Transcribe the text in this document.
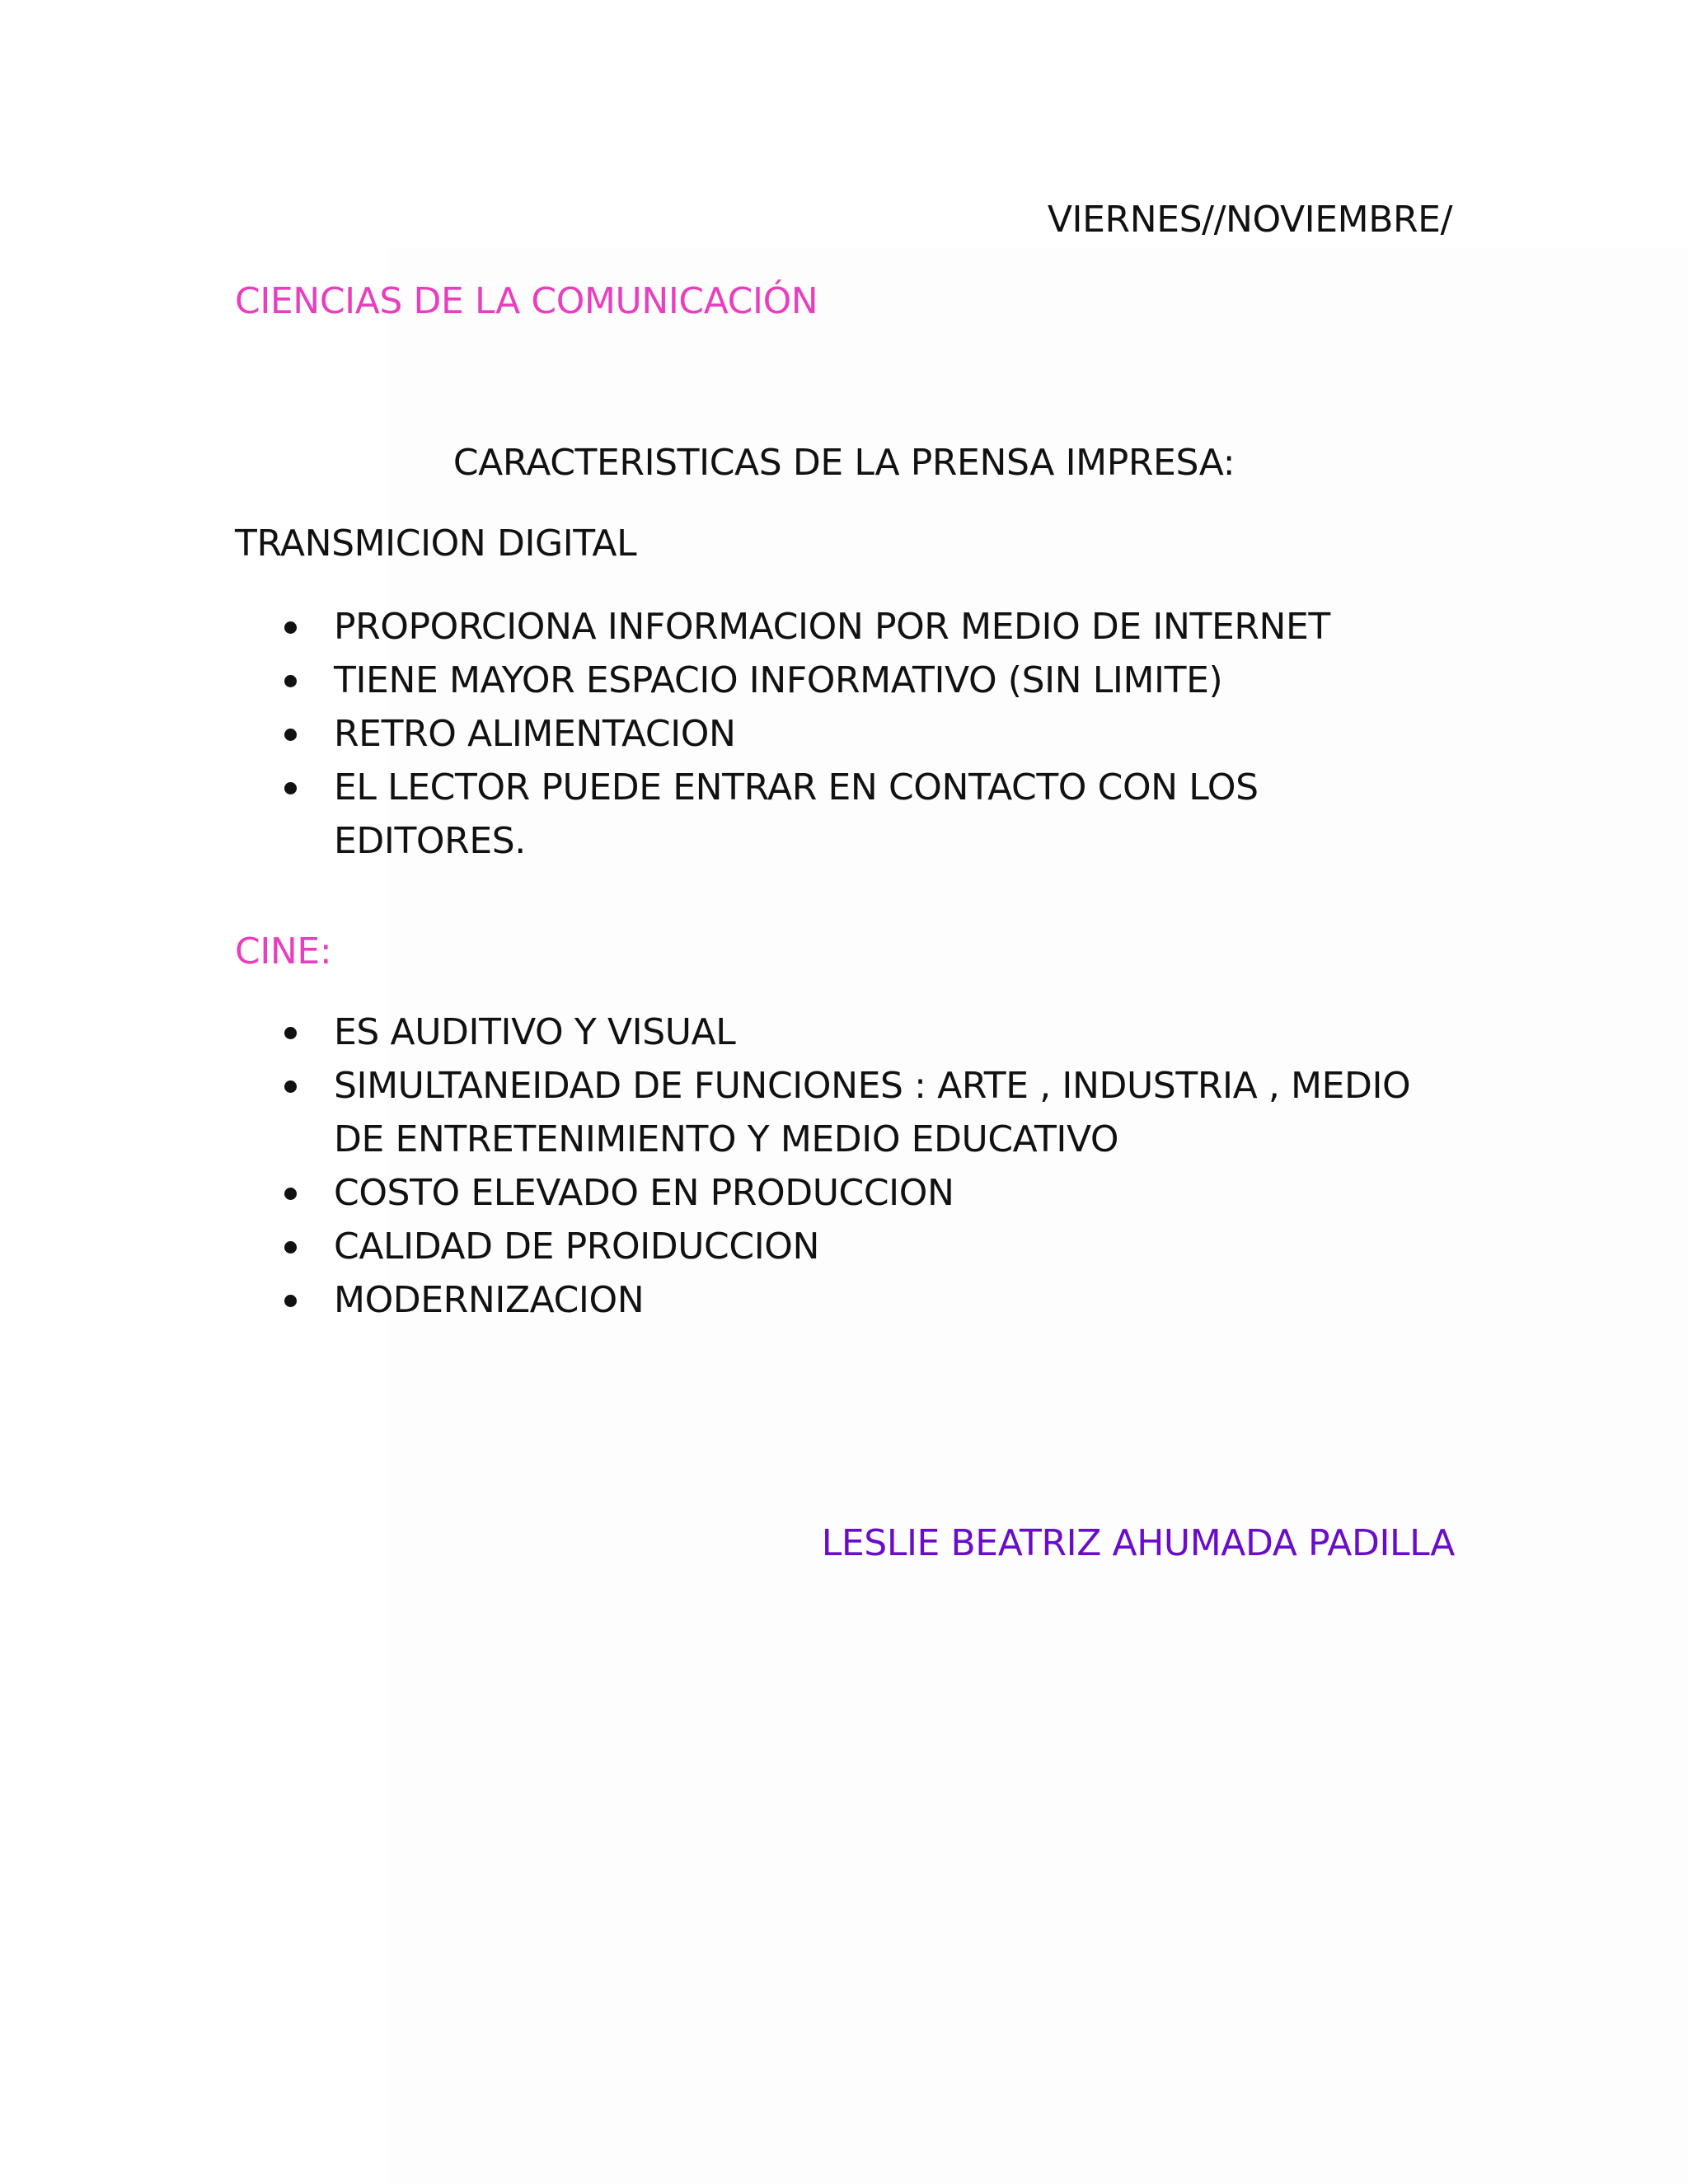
VIERNES//NOVIEMBRE/
CIENCIAS DE LA COMUNICACIÓN
CARACTERISTICAS DE LA PRENSA IMPRESA:
TRANSMICION DIGITAL
PROPORCIONA INFORMACION POR MEDIO DE INTERNET
TIENE MAYOR ESPACIO INFORMATIVO (SIN LIMITE)
RETRO ALIMENTACION
EL LECTOR PUEDE ENTRAR EN CONTACTO CON LOS EDITORES.
CINE:
ES AUDITIVO Y VISUAL
SIMULTANEIDAD DE FUNCIONES : ARTE , INDUSTRIA , MEDIO
DE ENTRETENIMIENTO Y MEDIO EDUCATIVO
COSTO ELEVADO EN PRODUCCION
CALIDAD DE PROIDUCCION
MODERNIZACION
LESLIE BEATRIZ AHUMADA PADILLA
